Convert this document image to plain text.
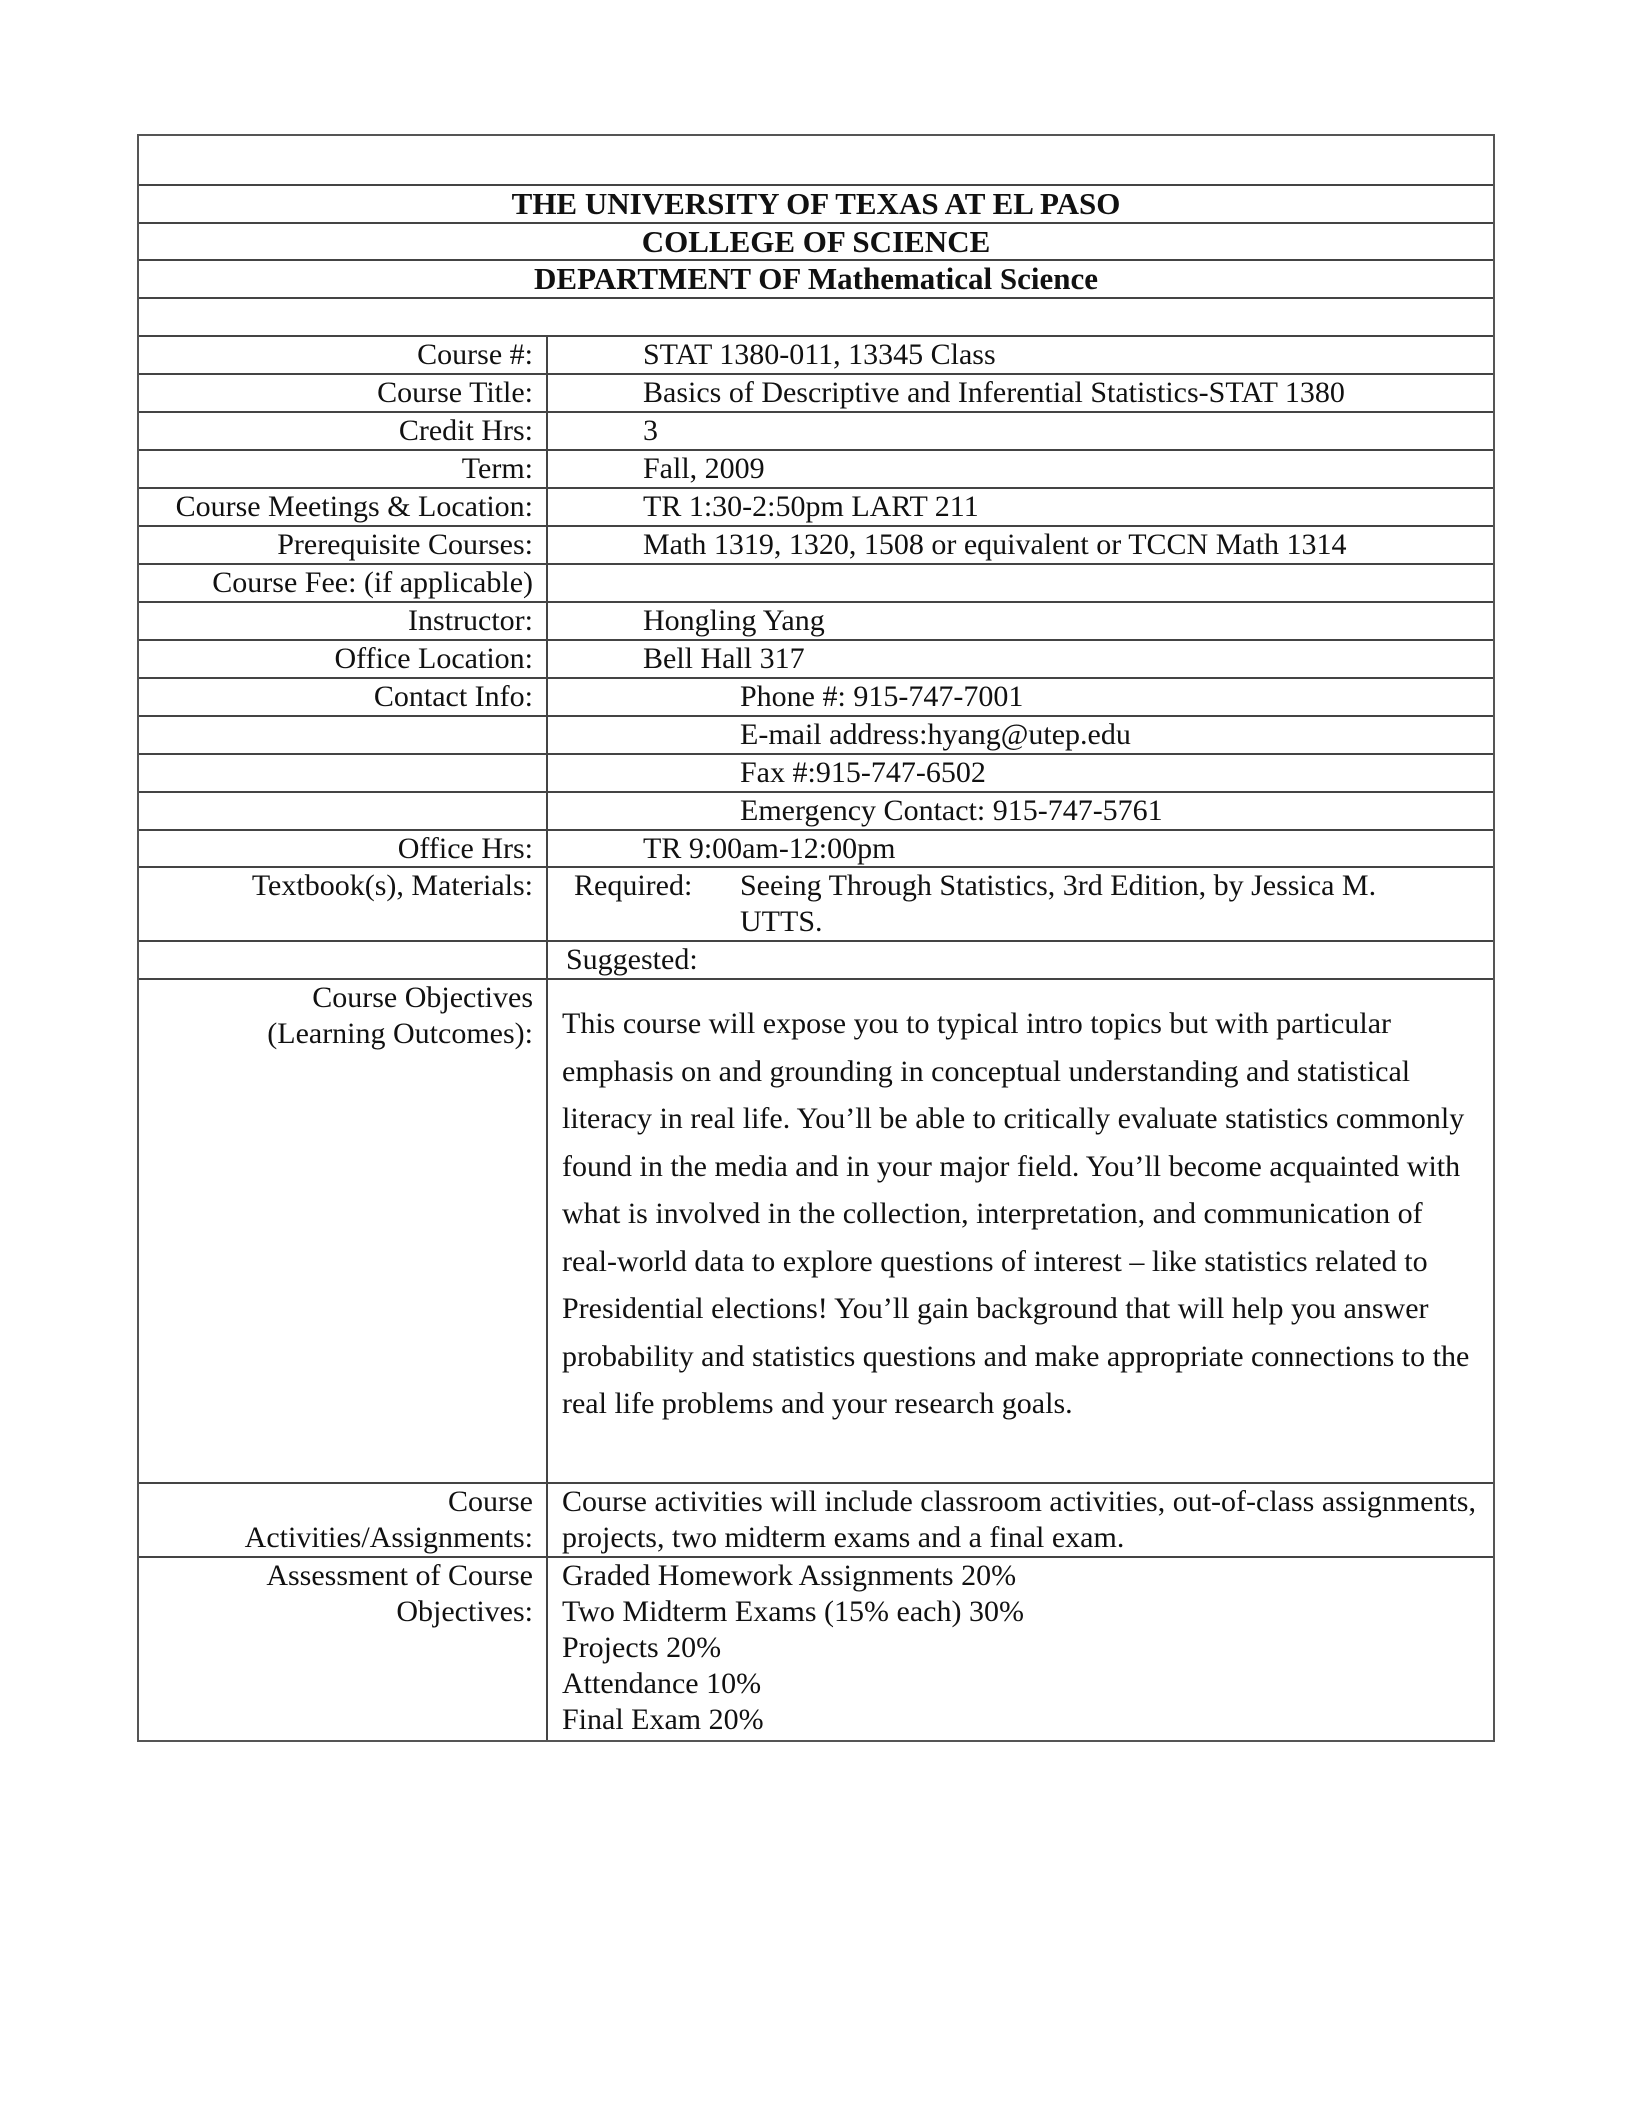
THE UNIVERSITY OF TEXAS AT EL PASO
COLLEGE OF SCIENCE
DEPARTMENT OF Mathematical Science
Course #:	STAT 1380-011, 13345 Class
Course Title:	Basics of Descriptive and Inferential Statistics-STAT 1380
Credit Hrs:	3
Term:	Fall, 2009
Course Meetings & Location:	TR 1:30-2:50pm LART 211
Prerequisite Courses:	Math 1319, 1320, 1508 or equivalent or TCCN Math 1314
Course Fee: (if applicable)
Instructor:	Hongling Yang
Office Location:	Bell Hall 317
Contact Info:	Phone #: 915-747-7001
E-mail address:hyang@utep.edu
Fax #:915-747-6502
Emergency Contact: 915-747-5761
Office Hrs:	TR 9:00am-12:00pm
Textbook(s), Materials:	Required:	Seeing Through Statistics, 3rd Edition, by Jessica M. UTTS.
Suggested:
Course Objectives
(Learning Outcomes): This course will expose you to typical intro topics but with particular emphasis on and grounding in conceptual understanding and statistical literacy in real life. You’ll be able to critically evaluate statistics commonly found in the media and in your major field. You’ll become acquainted with what is involved in the collection, interpretation, and communication of real-world data to explore questions of interest – like statistics related to Presidential elections! You’ll gain background that will help you answer probability and statistics questions and make appropriate connections to the real life problems and your research goals.
Course
Activities/Assignments:
Course activities will include classroom activities, out-of-class assignments, projects, two midterm exams and a final exam.
Assessment of Course
Objectives:
Graded Homework Assignments 20%
Two Midterm Exams (15% each) 30%
Projects 20%
Attendance 10%
Final Exam 20%
